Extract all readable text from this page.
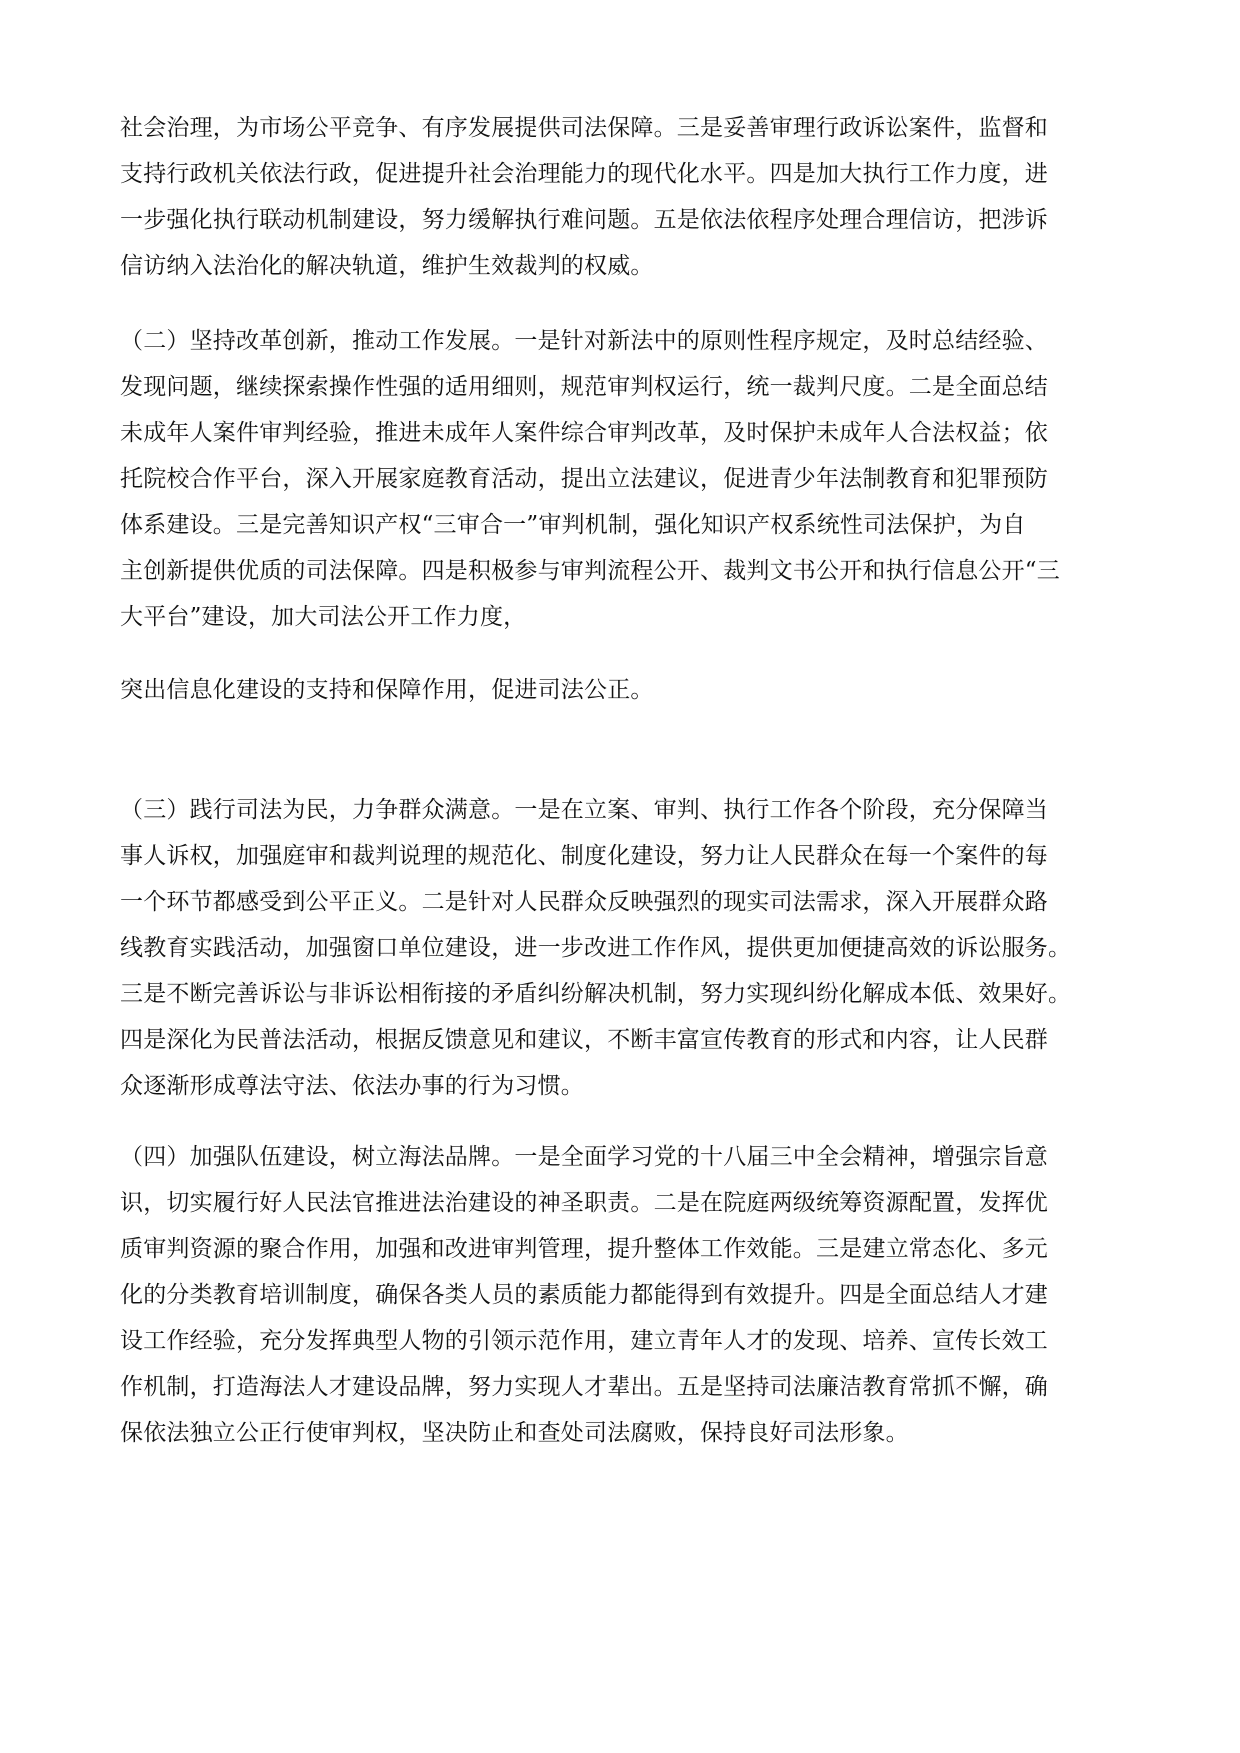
社会治理，为市场公平竞争、有序发展提供司法保障。三是妥善审理行政诉讼案件，监督和
支持行政机关依法行政，促进提升社会治理能力的现代化水平。四是加大执行工作力度，进
一步强化执行联动机制建设，努力缓解执行难问题。五是依法依程序处理合理信访，把涉诉
信访纳入法治化的解决轨道，维护生效裁判的权威。
（二）坚持改革创新，推动工作发展。一是针对新法中的原则性程序规定，及时总结经验、
发现问题，继续探索操作性强的适用细则，规范审判权运行，统一裁判尺度。二是全面总结
未成年人案件审判经验，推进未成年人案件综合审判改革，及时保护未成年人合法权益；依
托院校合作平台，深入开展家庭教育活动，提出立法建议，促进青少年法制教育和犯罪预防
体系建设。三是完善知识产权“三审合一”审判机制，强化知识产权系统性司法保护，为自
主创新提供优质的司法保障。四是积极参与审判流程公开、裁判文书公开和执行信息公开“三
大平台”建设，加大司法公开工作力度，
突出信息化建设的支持和保障作用，促进司法公正。
（三）践行司法为民，力争群众满意。一是在立案、审判、执行工作各个阶段，充分保障当
事人诉权，加强庭审和裁判说理的规范化、制度化建设，努力让人民群众在每一个案件的每
一个环节都感受到公平正义。二是针对人民群众反映强烈的现实司法需求，深入开展群众路
线教育实践活动，加强窗口单位建设，进一步改进工作作风，提供更加便捷高效的诉讼服务。
三是不断完善诉讼与非诉讼相衔接的矛盾纠纷解决机制，努力实现纠纷化解成本低、效果好。
四是深化为民普法活动，根据反馈意见和建议，不断丰富宣传教育的形式和内容，让人民群
众逐渐形成尊法守法、依法办事的行为习惯。
（四）加强队伍建设，树立海法品牌。一是全面学习党的十八届三中全会精神，增强宗旨意
识，切实履行好人民法官推进法治建设的神圣职责。二是在院庭两级统筹资源配置，发挥优
质审判资源的聚合作用，加强和改进审判管理，提升整体工作效能。三是建立常态化、多元
化的分类教育培训制度，确保各类人员的素质能力都能得到有效提升。四是全面总结人才建
设工作经验，充分发挥典型人物的引领示范作用，建立青年人才的发现、培养、宣传长效工
作机制，打造海法人才建设品牌，努力实现人才辈出。五是坚持司法廉洁教育常抓不懈，确
保依法独立公正行使审判权，坚决防止和查处司法腐败，保持良好司法形象。
